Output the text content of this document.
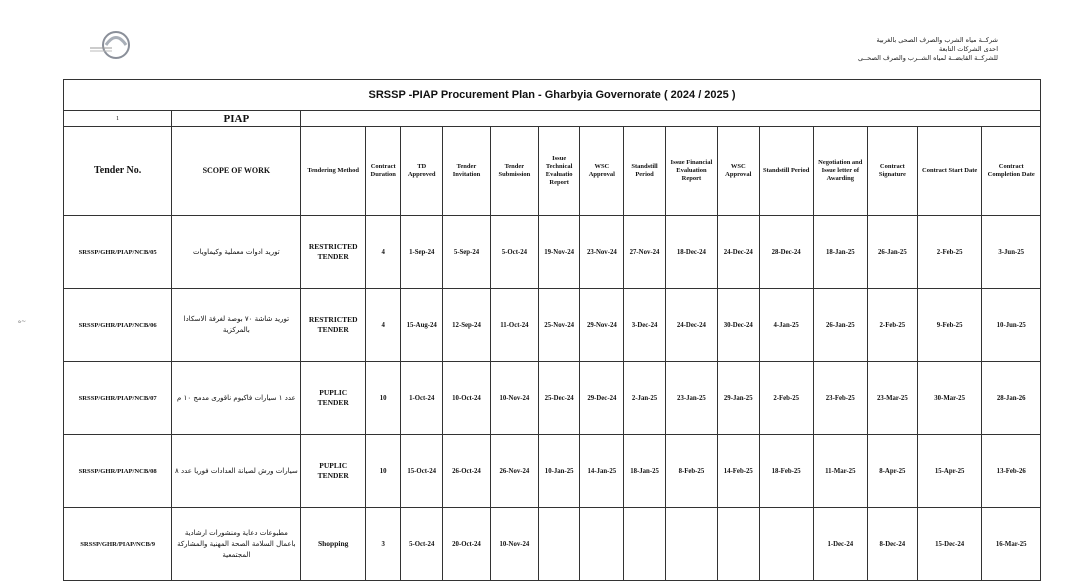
شركــة مياه الشرب والصرف الصحى بالغربية
احدى الشركات التابعة
للشركــة القابضــة لمياه الشــرب والصرف الصحــى
ه~
SRSSP -PIAP Procurement Plan - Gharbyia Governorate ( 2024 / 2025 )																
1	PIAP															
Tender No.	SCOPE OF WORK	Tendering Method	Contract Duration	TD Approved	Tender Invitation	Tender Submission	Issue Technical Evaluatio Report	WSC Approval	Standstill Period	Issue Financial Evaluation Report	WSC Approval	Standstill Period	Negotiation and Issue letter of Awarding	Contract Signature	Contract Start Date	Contract Completion Date
SRSSP/GHR/PIAP/NCB/05	توريد ادوات معملية وكيماويات	RESTRICTED TENDER	4	1-Sep-24	5-Sep-24	5-Oct-24	19-Nov-24	23-Nov-24	27-Nov-24	18-Dec-24	24-Dec-24	28-Dec-24	18-Jan-25	26-Jan-25	2-Feb-25	3-Jun-25
SRSSP/GHR/PIAP/NCB/06	توريد شاشة ٧٠ بوصة لغرفة الاسكادا بالمركزية	RESTRICTED TENDER	4	15-Aug-24	12-Sep-24	11-Oct-24	25-Nov-24	29-Nov-24	3-Dec-24	24-Dec-24	30-Dec-24	4-Jan-25	26-Jan-25	2-Feb-25	9-Feb-25	10-Jun-25
SRSSP/GHR/PIAP/NCB/07	عدد ١ سيارات فاكيوم ناقورى مدمج ١٠ م	PUPLIC TENDER	10	1-Oct-24	10-Oct-24	10-Nov-24	25-Dec-24	29-Dec-24	2-Jan-25	23-Jan-25	29-Jan-25	2-Feb-25	23-Feb-25	23-Mar-25	30-Mar-25	28-Jan-26
SRSSP/GHR/PIAP/NCB/08	سيارات ورش لصيانة العدادات فوريا عدد ٨	PUPLIC TENDER	10	15-Oct-24	26-Oct-24	26-Nov-24	10-Jan-25	14-Jan-25	18-Jan-25	8-Feb-25	14-Feb-25	18-Feb-25	11-Mar-25	8-Apr-25	15-Apr-25	13-Feb-26
SRSSP/GHR/PIAP/NCB/9	مطبوعات دعاية ومنشورات ارشادية باعمال السلامة الصحة المهنية والمشاركة المجتمعية	Shopping	3	5-Oct-24	20-Oct-24	10-Nov-24							1-Dec-24	8-Dec-24	15-Dec-24	16-Mar-25
